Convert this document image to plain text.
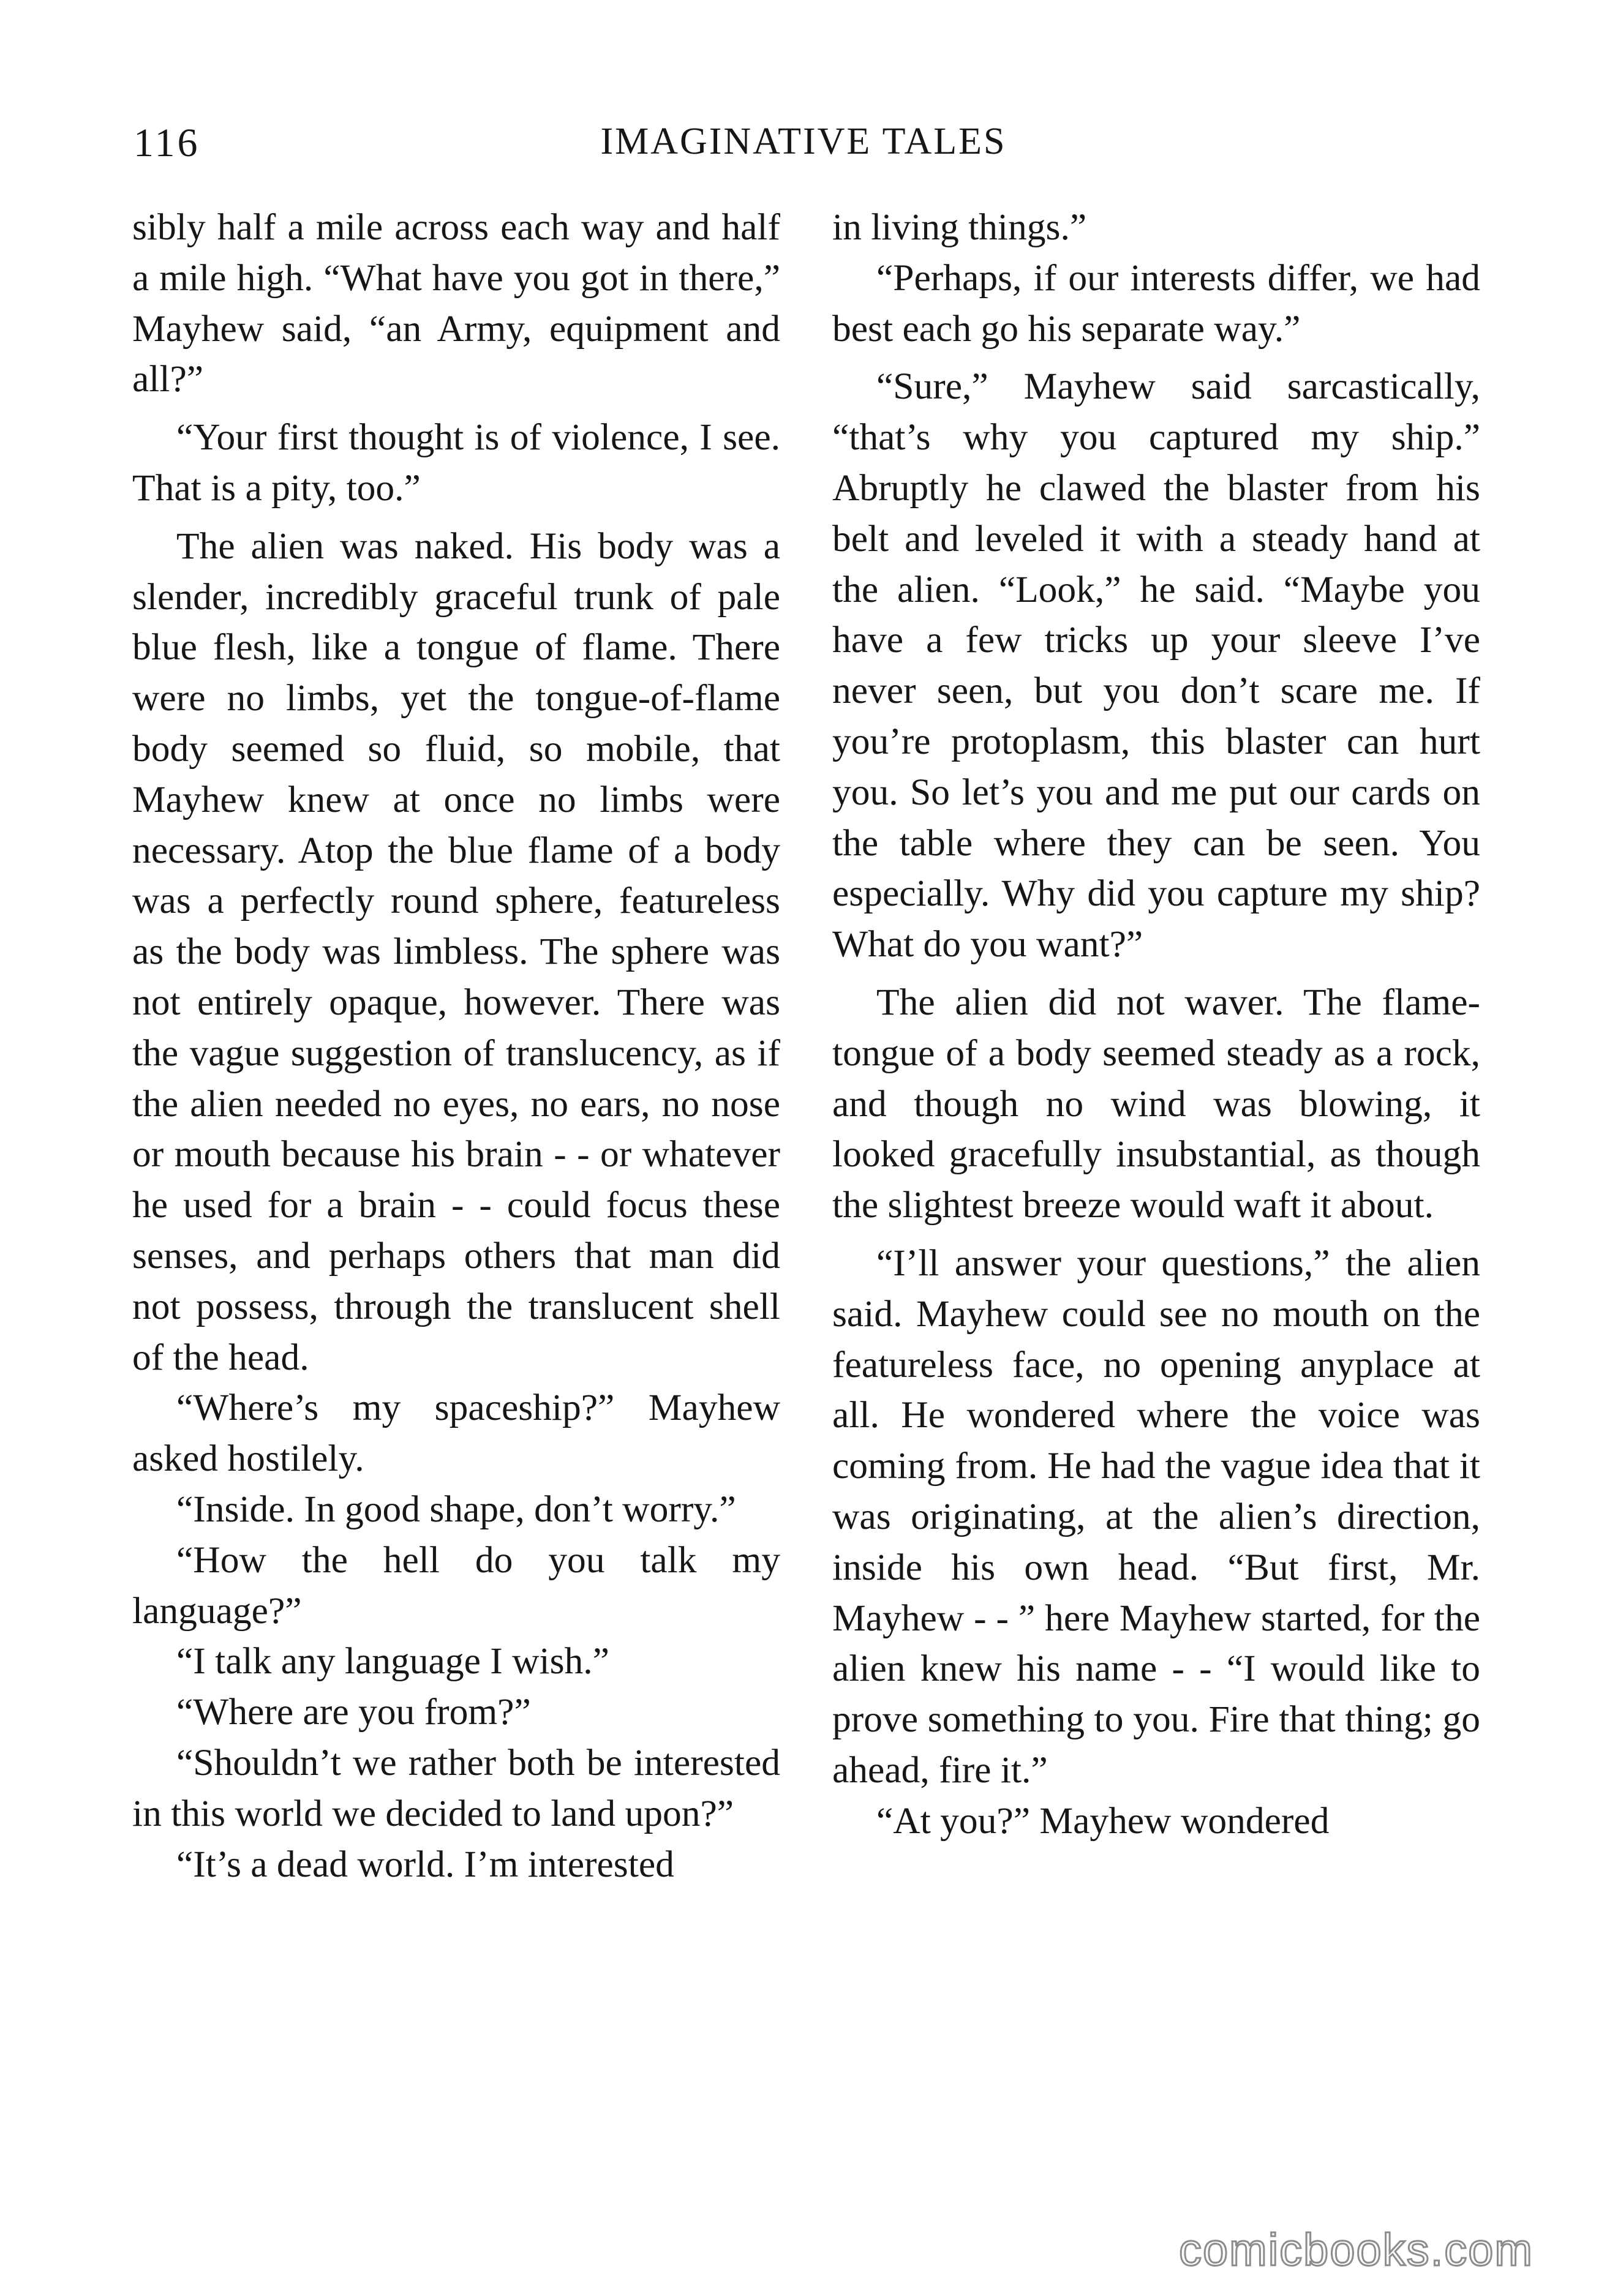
116	IMAGINATIVE TALES

sibly half a mile across each way and half a mile high. “What have you got in there,” Mayhew said, “an Army, equipment and all?”

“Your first thought is of violence, I see. That is a pity, too.”

The alien was naked. His body was a slender, incredibly graceful trunk of pale blue flesh, like a tongue of flame. There were no limbs, yet the tongue-of-flame body seemed so fluid, so mobile, that Mayhew knew at once no limbs were necessary. Atop the blue flame of a body was a perfectly round sphere, featureless as the body was limbless. The sphere was not entirely opaque, however. There was the vague suggestion of translucency, as if the alien needed no eyes, no ears, no nose or mouth because his brain - - or whatever he used for a brain - - could focus these senses, and perhaps others that man did not possess, through the translucent shell of the head.

“Where’s my spaceship?” Mayhew asked hostilely.

“Inside. In good shape, don’t worry.”

“How the hell do you talk my language?”

“I talk any language I wish.”

“Where are you from?”

“Shouldn’t we rather both be interested in this world we decided to land upon?”

“It’s a dead world. I’m interested

in living things.”

“Perhaps, if our interests differ, we had best each go his separate way.”

“Sure,” Mayhew said sarcastically, “that’s why you captured my ship.” Abruptly he clawed the blaster from his belt and leveled it with a steady hand at the alien. “Look,” he said. “Maybe you have a few tricks up your sleeve I’ve never seen, but you don’t scare me. If you’re protoplasm, this blaster can hurt you. So let’s you and me put our cards on the table where they can be seen. You especially. Why did you capture my ship? What do you want?”

The alien did not waver. The flame-tongue of a body seemed steady as a rock, and though no wind was blowing, it looked gracefully insubstantial, as though the slightest breeze would waft it about.

“I’ll answer your questions,” the alien said. Mayhew could see no mouth on the featureless face, no opening anyplace at all. He wondered where the voice was coming from. He had the vague idea that it was originating, at the alien’s direction, inside his own head. “But first, Mr. Mayhew - - ” here Mayhew started, for the alien knew his name - - “I would like to prove something to you. Fire that thing; go ahead, fire it.”

“At you?” Mayhew wondered

comicbooks.com
